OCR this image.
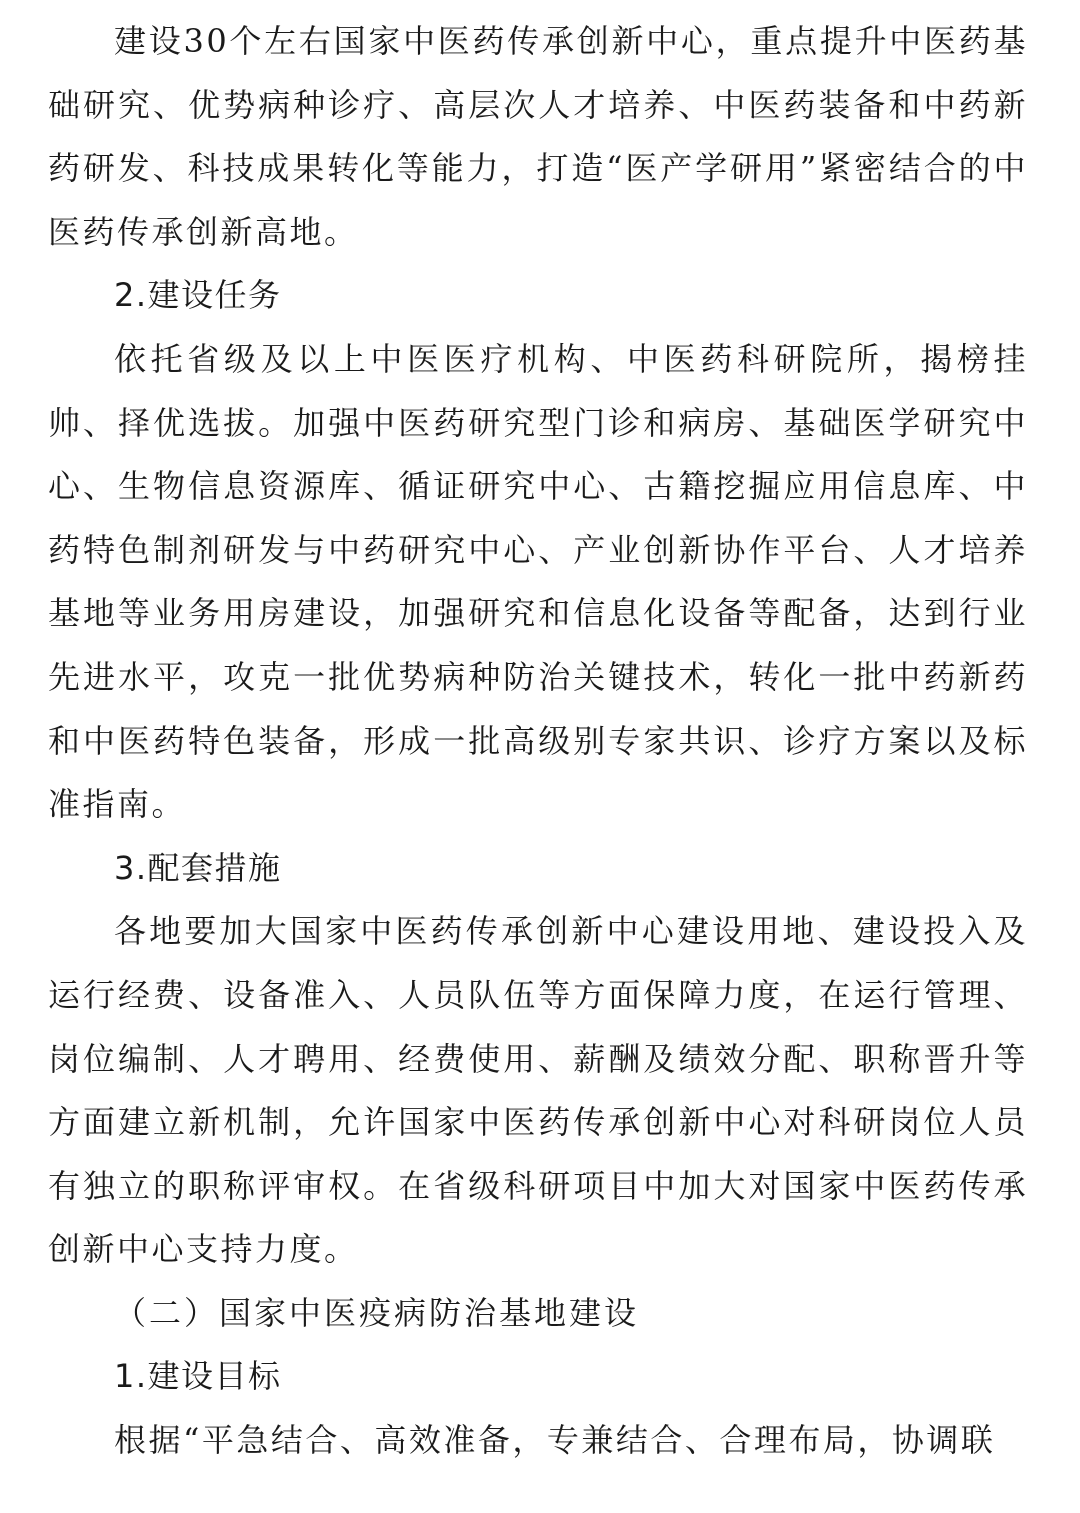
建设30个左右国家中医药传承创新中心，重点提升中医药基础研究、优势病种诊疗、高层次人才培养、中医药装备和中药新药研发、科技成果转化等能力，打造“医产学研用”紧密结合的中医药传承创新高地。

2.建设任务

依托省级及以上中医医疗机构、中医药科研院所，揭榜挂帅、择优选拔。加强中医药研究型门诊和病房、基础医学研究中心、生物信息资源库、循证研究中心、古籍挖掘应用信息库、中药特色制剂研发与中药研究中心、产业创新协作平台、人才培养基地等业务用房建设，加强研究和信息化设备等配备，达到行业先进水平，攻克一批优势病种防治关键技术，转化一批中药新药和中医药特色装备，形成一批高级别专家共识、诊疗方案以及标准指南。

3.配套措施

各地要加大国家中医药传承创新中心建设用地、建设投入及运行经费、设备准入、人员队伍等方面保障力度，在运行管理、岗位编制、人才聘用、经费使用、薪酬及绩效分配、职称晋升等方面建立新机制，允许国家中医药传承创新中心对科研岗位人员有独立的职称评审权。在省级科研项目中加大对国家中医药传承创新中心支持力度。

（二）国家中医疫病防治基地建设

1.建设目标

根据“平急结合、高效准备，专兼结合、合理布局，协调联
